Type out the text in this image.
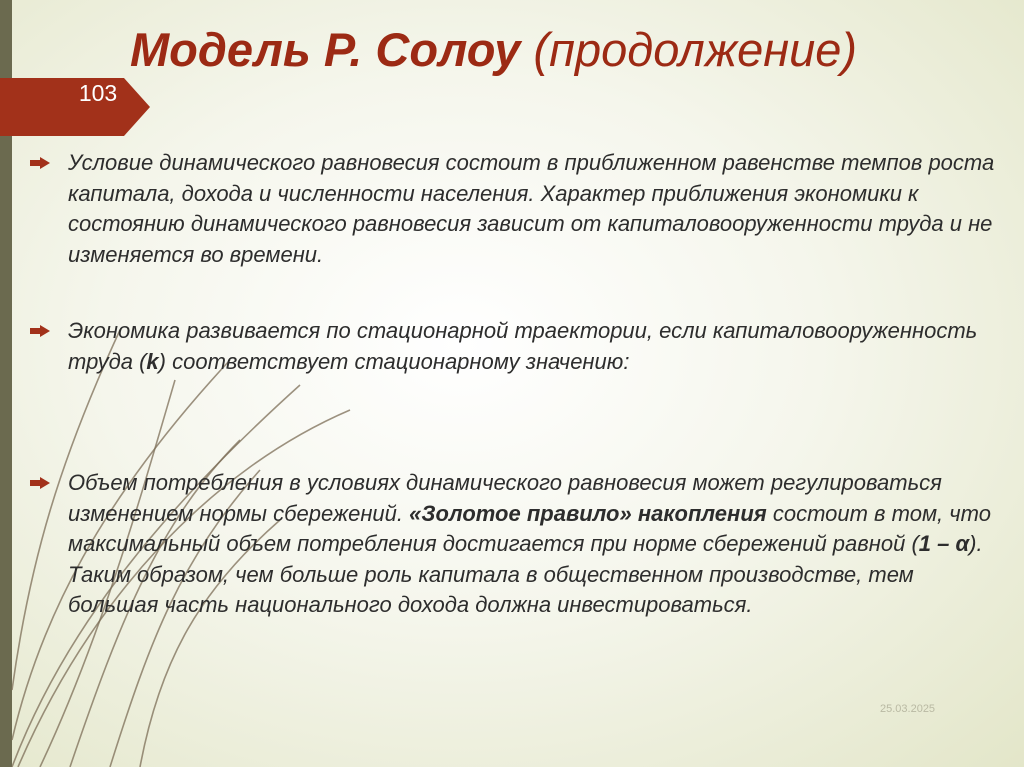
Модель Р. Солоу (продолжение)
103
Условие динамического равновесия состоит в приближенном равенстве темпов роста капитала, дохода и численности населения. Характер приближения экономики к состоянию динамического равновесия зависит от капиталовооруженности труда и не изменяется во времени.
Экономика развивается по стационарной траектории, если капиталовооруженность труда (k) соответствует стационарному значению:
Объем потребления в условиях динамического равновесия может регулироваться изменением нормы сбережений. «Золотое правило» накопления состоит в том, что максимальный объем потребления достигается при норме сбережений равной (1 – α). Таким образом, чем больше роль капитала в общественном производстве, тем большая часть национального дохода должна инвестироваться.
25.03.2025
